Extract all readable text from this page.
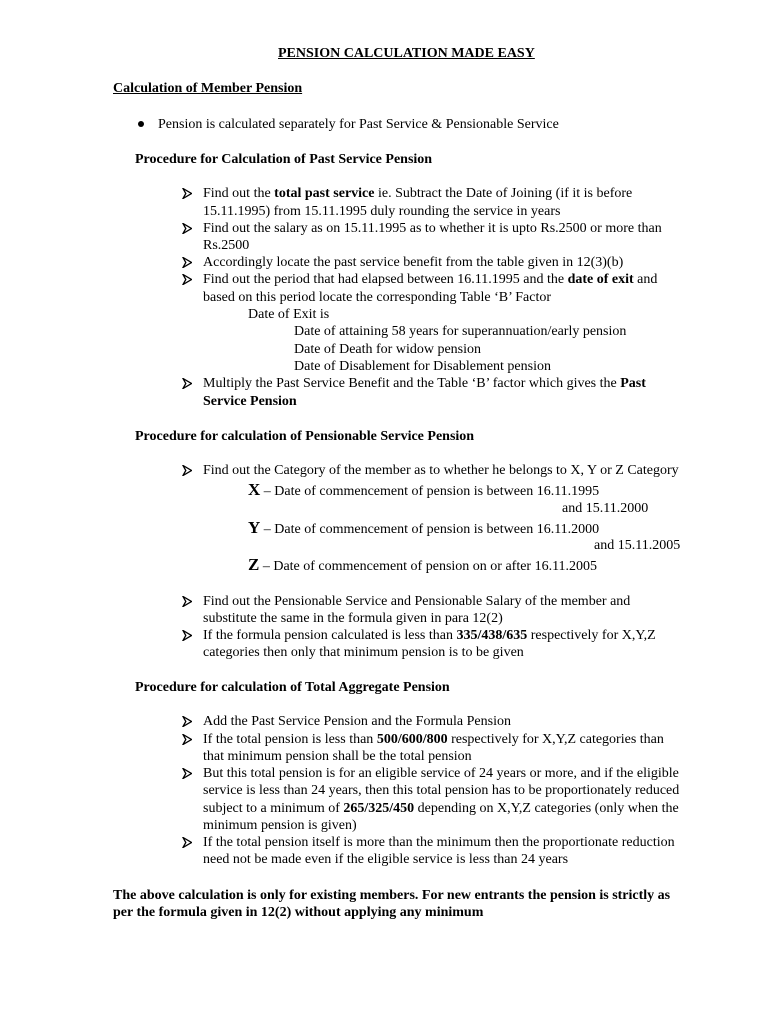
PENSION CALCULATION MADE EASY
Calculation of Member Pension
Pension is calculated separately for Past Service & Pensionable Service
Procedure for Calculation of Past Service Pension
Find out the total past service ie. Subtract the Date of Joining (if it is before
15.11.1995) from 15.11.1995 duly rounding the service in years
Find out the salary as on 15.11.1995 as to whether it is upto Rs.2500 or more than
Rs.2500
Accordingly locate the past service benefit from the table given in 12(3)(b)
Find out the period that had elapsed between 16.11.1995 and the date of exit and
based on this period locate the corresponding Table ‘B’ Factor
Date of Exit is
Date of attaining 58 years for superannuation/early pension
Date of Death for widow pension
Date of Disablement for Disablement pension
Multiply the Past Service Benefit and the Table ‘B’ factor which gives the Past
Service Pension
Procedure for calculation of Pensionable Service Pension
Find out the Category of the member as to whether he belongs to X, Y or Z Category
X – Date of commencement of pension is between 16.11.1995
and 15.11.2000
Y – Date of commencement of pension is between 16.11.2000
and 15.11.2005
Z – Date of commencement of pension on or after 16.11.2005
Find out the Pensionable Service and Pensionable Salary of the member and
substitute the same in the formula given in para 12(2)
If the formula pension calculated is less than 335/438/635 respectively for X,Y,Z
categories then only that minimum pension is to be given
Procedure for calculation of Total Aggregate Pension
Add the Past Service Pension and the Formula Pension
If the total pension is less than 500/600/800 respectively for X,Y,Z categories than
that minimum pension shall be the total pension
But this total pension is for an eligible service of 24 years or more, and if the eligible
service is less than 24 years, then this total pension has to be proportionately reduced
subject to a minimum of 265/325/450 depending on X,Y,Z categories (only when the
minimum pension is given)
If the total pension itself is more than the minimum then the proportionate reduction
need not be made even if the eligible service is less than 24 years
The above calculation is only for existing members. For new entrants the pension is strictly as
per the formula given in 12(2) without applying any minimum
